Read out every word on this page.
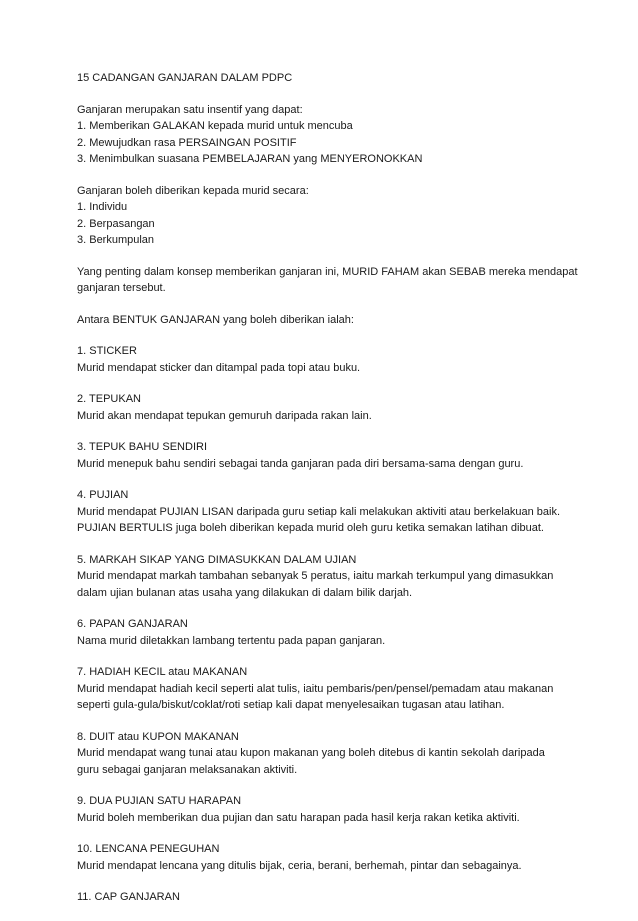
15 CADANGAN GANJARAN DALAM PDPC
Ganjaran merupakan satu insentif yang dapat:
1. Memberikan GALAKAN kepada murid untuk mencuba
2. Mewujudkan rasa PERSAINGAN POSITIF
3. Menimbulkan suasana PEMBELAJARAN yang MENYERONOKKAN
Ganjaran boleh diberikan kepada murid secara:
1. Individu
2. Berpasangan
3. Berkumpulan
Yang penting dalam konsep memberikan ganjaran ini, MURID FAHAM akan SEBAB mereka mendapat
ganjaran tersebut.
Antara BENTUK GANJARAN yang boleh diberikan ialah:
1. STICKER
Murid mendapat sticker dan ditampal pada topi atau buku.
2. TEPUKAN
Murid akan mendapat tepukan gemuruh daripada rakan lain.
3. TEPUK BAHU SENDIRI
Murid menepuk bahu sendiri sebagai tanda ganjaran pada diri bersama-sama dengan guru.
4. PUJIAN
Murid mendapat PUJIAN LISAN daripada guru setiap kali melakukan aktiviti atau berkelakuan baik.
PUJIAN BERTULIS juga boleh diberikan kepada murid oleh guru ketika semakan latihan dibuat.
5. MARKAH SIKAP YANG DIMASUKKAN DALAM UJIAN
Murid mendapat markah tambahan sebanyak 5 peratus, iaitu markah terkumpul yang dimasukkan
dalam ujian bulanan atas usaha yang dilakukan di dalam bilik darjah.
6. PAPAN GANJARAN
Nama murid diletakkan lambang tertentu pada papan ganjaran.
7. HADIAH KECIL atau MAKANAN
Murid mendapat hadiah kecil seperti alat tulis, iaitu pembaris/pen/pensel/pemadam atau makanan
seperti gula-gula/biskut/coklat/roti setiap kali dapat menyelesaikan tugasan atau latihan.
8. DUIT atau KUPON MAKANAN
Murid mendapat wang tunai atau kupon makanan yang boleh ditebus di kantin sekolah daripada
guru sebagai ganjaran melaksanakan aktiviti.
9. DUA PUJIAN SATU HARAPAN
Murid boleh memberikan dua pujian dan satu harapan pada hasil kerja rakan ketika aktiviti.
10. LENCANA PENEGUHAN
Murid mendapat lencana yang ditulis bijak, ceria, berani, berhemah, pintar dan sebagainya.
11. CAP GANJARAN
